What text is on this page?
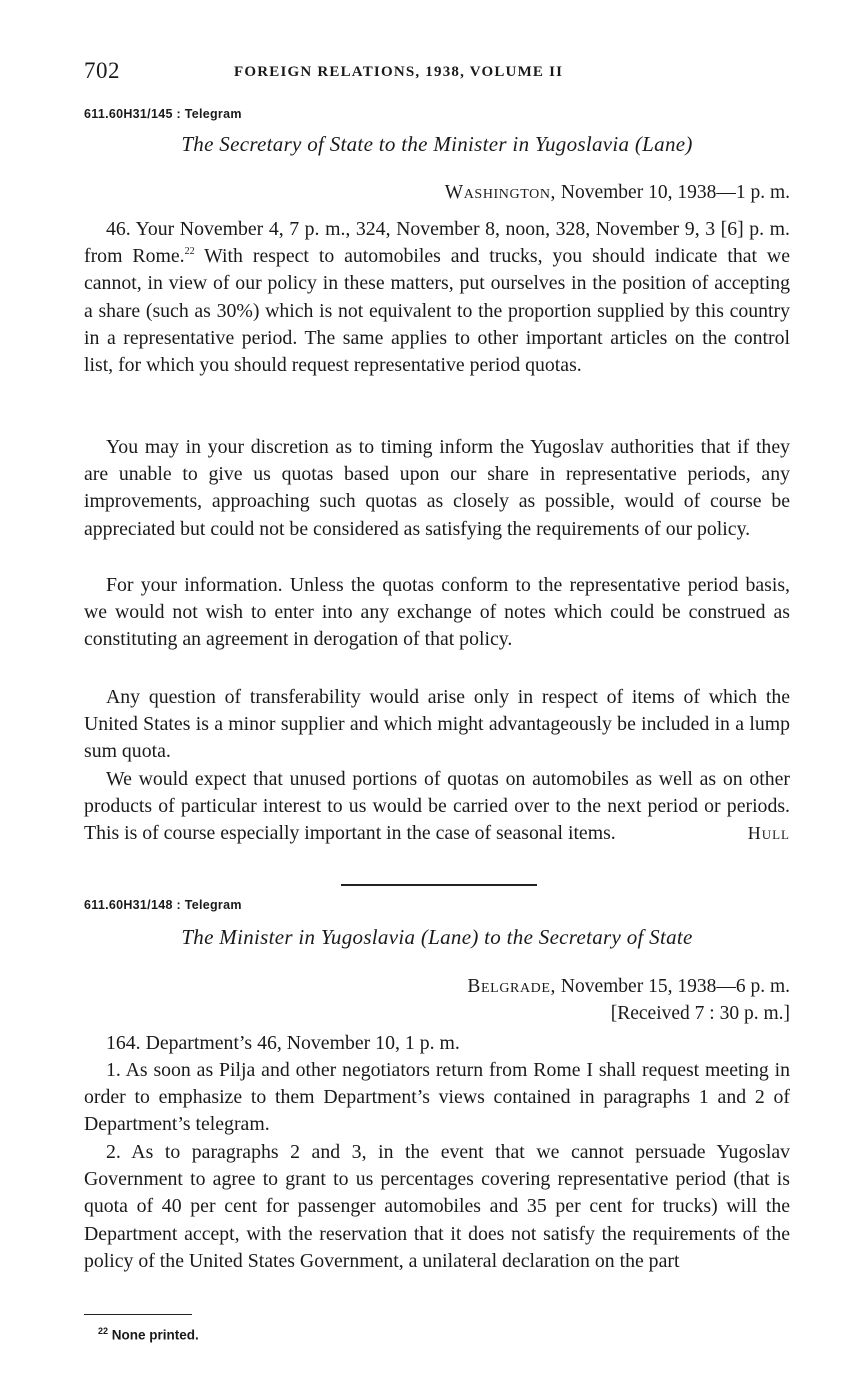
702	FOREIGN RELATIONS, 1938, VOLUME II
611.60H31/145 : Telegram
The Secretary of State to the Minister in Yugoslavia (Lane)
Washington, November 10, 1938—1 p. m.
46. Your November 4, 7 p. m., 324, November 8, noon, 328, November 9, 3 [6] p. m. from Rome.$^{22}$ With respect to automobiles and trucks, you should indicate that we cannot, in view of our policy in these matters, put ourselves in the position of accepting a share (such as 30%) which is not equivalent to the proportion supplied by this country in a representative period. The same applies to other important articles on the control list, for which you should request representative period quotas.
You may in your discretion as to timing inform the Yugoslav authorities that if they are unable to give us quotas based upon our share in representative periods, any improvements, approaching such quotas as closely as possible, would of course be appreciated but could not be considered as satisfying the requirements of our policy.
For your information. Unless the quotas conform to the representative period basis, we would not wish to enter into any exchange of notes which could be construed as constituting an agreement in derogation of that policy.
Any question of transferability would arise only in respect of items of which the United States is a minor supplier and which might advantageously be included in a lump sum quota.
We would expect that unused portions of quotas on automobiles as well as on other products of particular interest to us would be carried over to the next period or periods. This is of course especially important in the case of seasonal items.	Hull
611.60H31/148 : Telegram
The Minister in Yugoslavia (Lane) to the Secretary of State
Belgrade, November 15, 1938—6 p. m.
[Received 7 : 30 p. m.]
164. Department’s 46, November 10, 1 p. m.
1. As soon as Pilja and other negotiators return from Rome I shall request meeting in order to emphasize to them Department’s views contained in paragraphs 1 and 2 of Department’s telegram.
2. As to paragraphs 2 and 3, in the event that we cannot persuade Yugoslav Government to agree to grant to us percentages covering representative period (that is quota of 40 per cent for passenger automobiles and 35 per cent for trucks) will the Department accept, with the reservation that it does not satisfy the requirements of the policy of the United States Government, a unilateral declaration on the part
$^{22}$ None printed.
